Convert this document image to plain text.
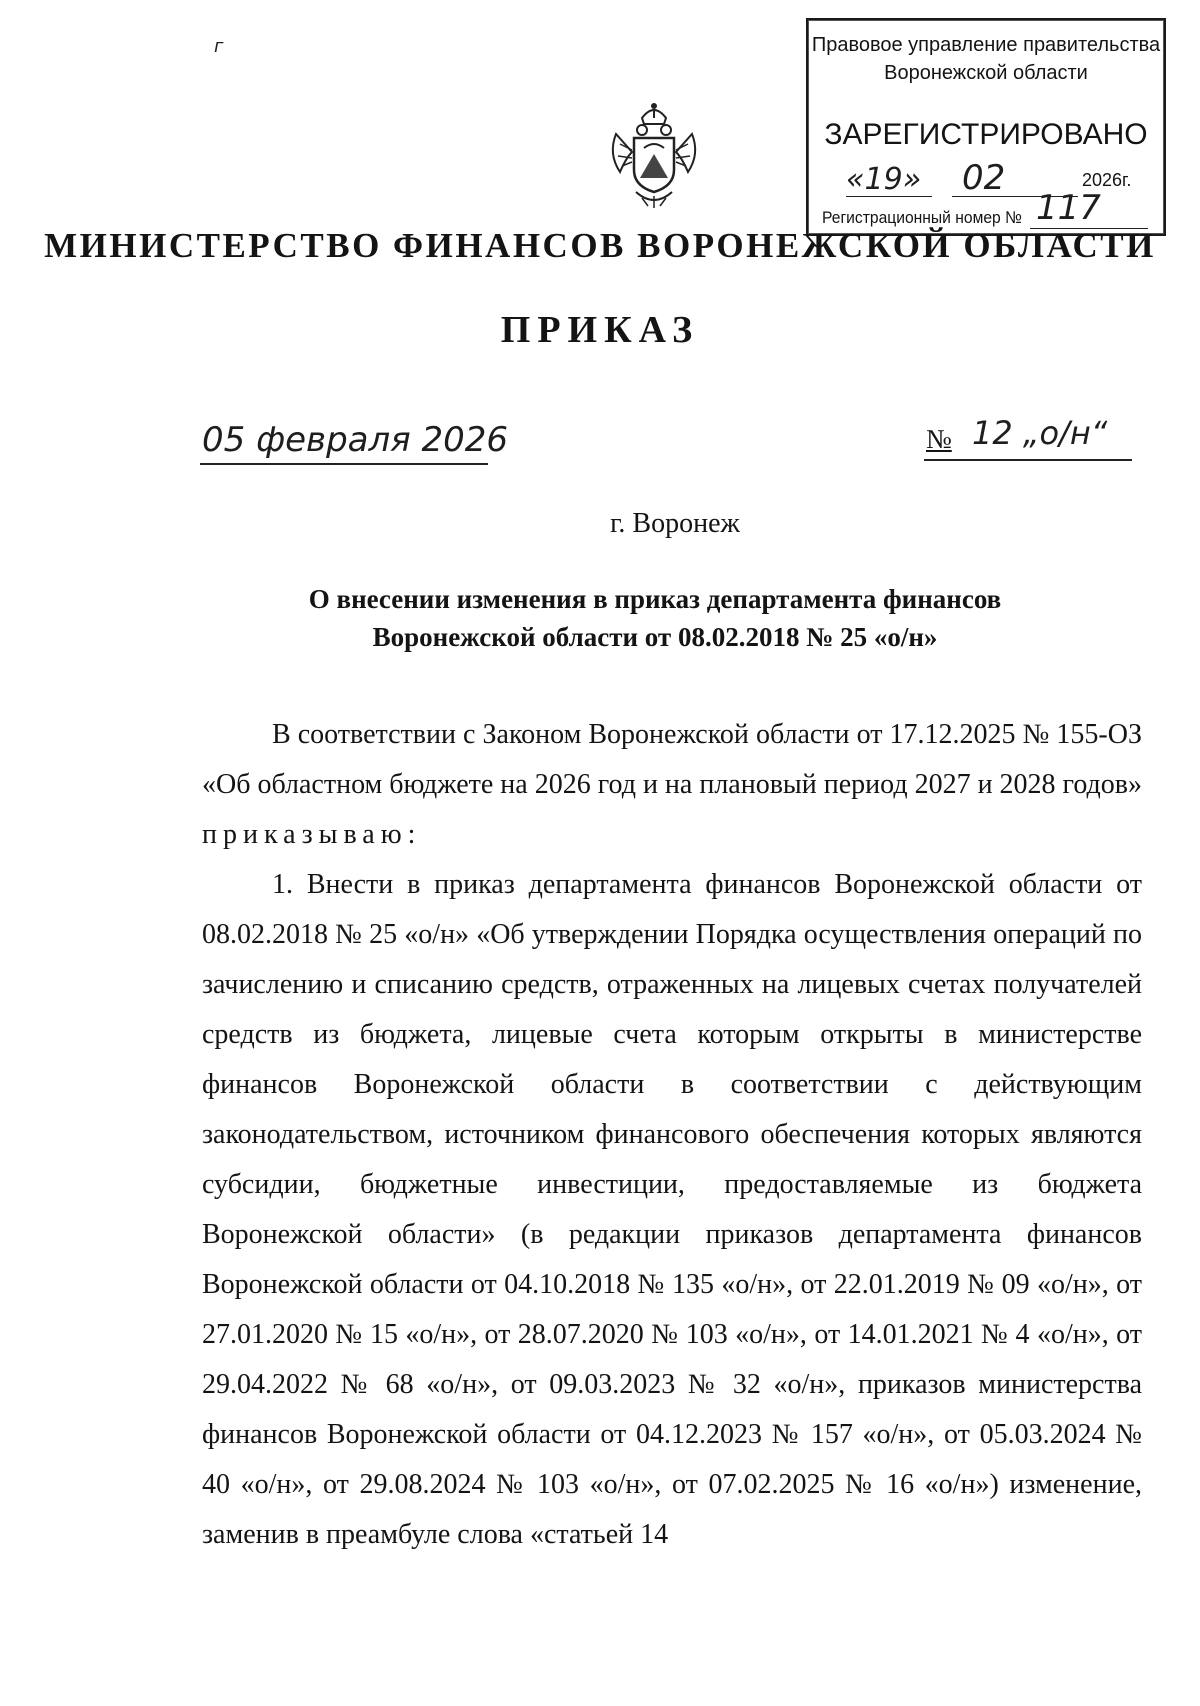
г	Правовое управление правительства
Воронежской области
ЗАРЕГИСТРИРОВАНО
«19» 02	2026г.
Регистрационный номер № 117
МИНИСТЕРСТВО ФИНАНСОВ ВОРОНЕЖСКОЙ ОБЛАСТИ
ПРИКАЗ
05 февраля 2026	№ 12 „о/н“
г. Воронеж
О внесении изменения в приказ департамента финансов
Воронежской области от 08.02.2018 № 25 «о/н»

В соответствии с Законом Воронежской области от 17.12.2025 № 155-ОЗ «Об областном бюджете на 2026 год и на плановый период 2027 и 2028 годов»

приказываю:

1. Внести в приказ департамента финансов Воронежской области от 08.02.2018 № 25 «о/н» «Об утверждении Порядка осуществления операций по зачислению и списанию средств, отраженных на лицевых счетах получателей средств из бюджета, лицевые счета которым открыты в министерстве финансов Воронежской области в соответствии с действующим законодательством, источником финансового обеспечения которых являются субсидии, бюджетные инвестиции, предоставляемые из бюджета Воронежской области» (в редакции приказов департамента финансов Воронежской области от 04.10.2018 № 135 «о/н», от 22.01.2019 № 09 «о/н», от 27.01.2020 № 15 «о/н», от 28.07.2020 № 103 «о/н», от 14.01.2021 № 4 «о/н», от 29.04.2022 № 68 «о/н», от 09.03.2023 № 32 «о/н», приказов министерства финансов Воронежской области от 04.12.2023 № 157 «о/н», от 05.03.2024 № 40 «о/н», от 29.08.2024 № 103 «о/н», от 07.02.2025 № 16 «о/н») изменение, заменив в преамбуле слова «статьей 14
